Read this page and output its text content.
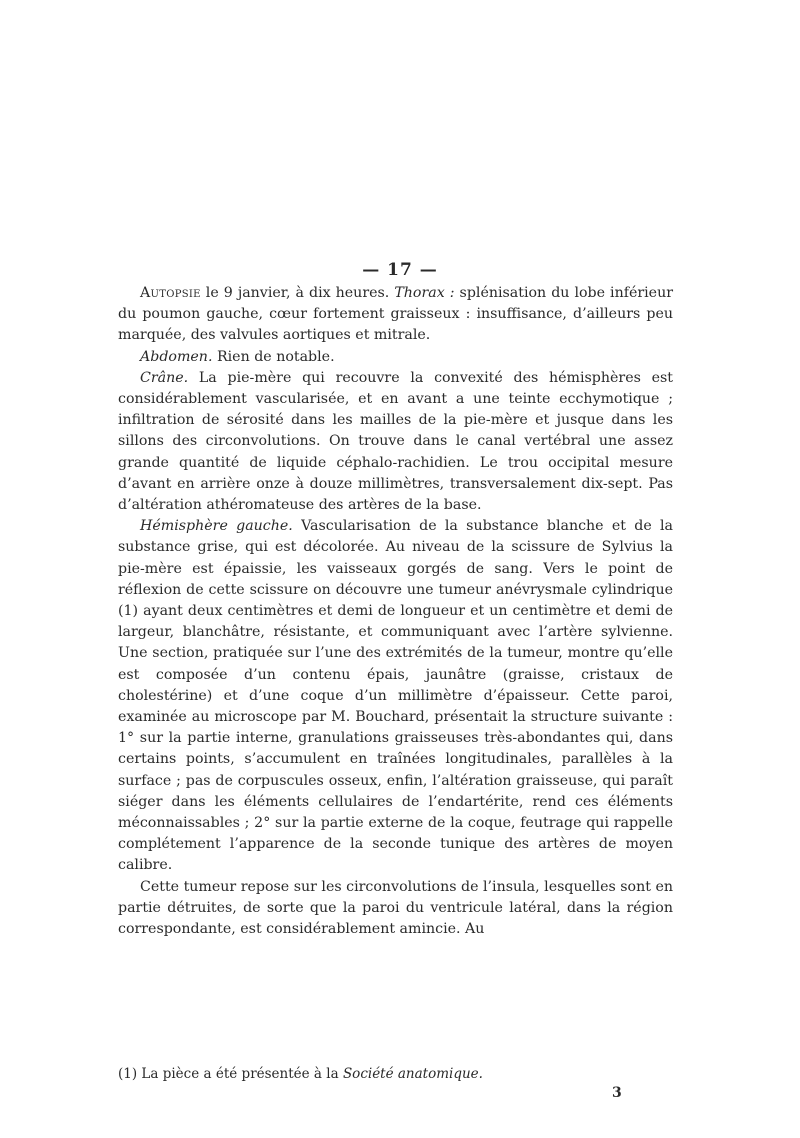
— 17 —

Autopsie le 9 janvier, à dix heures. Thorax : splénisation du lobe inférieur du poumon gauche, cœur fortement graisseux : insuffisance, d’ailleurs peu marquée, des valvules aortiques et mitrale.

Abdomen. Rien de notable.

Crâne. La pie-mère qui recouvre la convexité des hémisphères est considérablement vascularisée, et en avant a une teinte ecchymotique ; infiltration de sérosité dans les mailles de la pie-mère et jusque dans les sillons des circonvolutions. On trouve dans le canal vertébral une assez grande quantité de liquide céphalo-rachidien. Le trou occipital mesure d’avant en arrière onze à douze millimètres, transversalement dix-sept. Pas d’altération athéromateuse des artères de la base.

Hémisphère gauche. Vascularisation de la substance blanche et de la substance grise, qui est décolorée. Au niveau de la scissure de Sylvius la pie-mère est épaissie, les vaisseaux gorgés de sang. Vers le point de réflexion de cette scissure on découvre une tumeur anévrysmale cylindrique (1) ayant deux centimètres et demi de longueur et un centimètre et demi de largeur, blanchâtre, résistante, et communiquant avec l’artère sylvienne. Une section, pratiquée sur l’une des extrémités de la tumeur, montre qu’elle est composée d’un contenu épais, jaunâtre (graisse, cristaux de cholestérine) et d’une coque d’un millimètre d’épaisseur. Cette paroi, examinée au microscope par M. Bouchard, présentait la structure suivante : 1° sur la partie interne, granulations graisseuses très-abondantes qui, dans certains points, s’accumulent en traînées longitudinales, parallèles à la surface ; pas de corpuscules osseux, enfin, l’altération graisseuse, qui paraît siéger dans les éléments cellulaires de l’endartérite, rend ces éléments méconnaissables ; 2° sur la partie externe de la coque, feutrage qui rappelle complétement l’apparence de la seconde tunique des artères de moyen calibre.

Cette tumeur repose sur les circonvolutions de l’insula, lesquelles sont en partie détruites, de sorte que la paroi du ventricule latéral, dans la région correspondante, est considérablement amincie. Au

(1) La pièce a été présentée à la Société anatomique.
3
